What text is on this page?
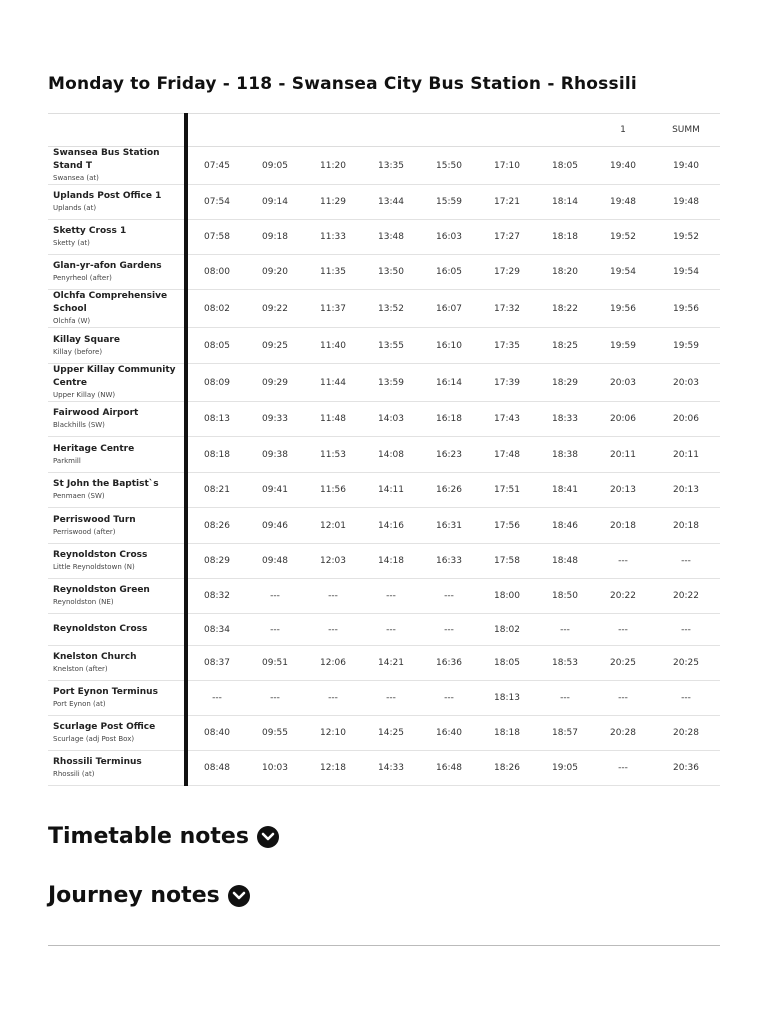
Monday to Friday - 118 - Swansea City Bus Station - Rhossili
								1	SUMM

Swansea Bus Station Stand T
Swansea (at)	07:45	09:05	11:20	13:35	15:50	17:10	18:05	19:40	19:40

Uplands Post Office 1
Uplands (at)	07:54	09:14	11:29	13:44	15:59	17:21	18:14	19:48	19:48

Sketty Cross 1
Sketty (at)	07:58	09:18	11:33	13:48	16:03	17:27	18:18	19:52	19:52

Glan-yr-afon Gardens
Penyrheol (after)	08:00	09:20	11:35	13:50	16:05	17:29	18:20	19:54	19:54

Olchfa Comprehensive School
Olchfa (W)	08:02	09:22	11:37	13:52	16:07	17:32	18:22	19:56	19:56

Killay Square
Killay (before)	08:05	09:25	11:40	13:55	16:10	17:35	18:25	19:59	19:59

Upper Killay Community Centre
Upper Killay (NW)	08:09	09:29	11:44	13:59	16:14	17:39	18:29	20:03	20:03

Fairwood Airport
Blackhills (SW)	08:13	09:33	11:48	14:03	16:18	17:43	18:33	20:06	20:06

Heritage Centre
Parkmill	08:18	09:38	11:53	14:08	16:23	17:48	18:38	20:11	20:11

St John the Baptist`s
Penmaen (SW)	08:21	09:41	11:56	14:11	16:26	17:51	18:41	20:13	20:13

Perriswood Turn
Perriswood (after)	08:26	09:46	12:01	14:16	16:31	17:56	18:46	20:18	20:18

Reynoldston Cross
Little Reynoldstown (N)	08:29	09:48	12:03	14:18	16:33	17:58	18:48	---	---

Reynoldston Green
Reynoldston (NE)	08:32	---	---	---	---	18:00	18:50	20:22	20:22

Reynoldston Cross	08:34	---	---	---	---	18:02	---	---	---

Knelston Church
Knelston (after)	08:37	09:51	12:06	14:21	16:36	18:05	18:53	20:25	20:25

Port Eynon Terminus
Port Eynon (at)	---	---	---	---	---	18:13	---	---	---

Scurlage Post Office
Scurlage (adj Post Box)	08:40	09:55	12:10	14:25	16:40	18:18	18:57	20:28	20:28

Rhossili Terminus
Rhossili (at)	08:48	10:03	12:18	14:33	16:48	18:26	19:05	---	20:36
Timetable notes
Journey notes
